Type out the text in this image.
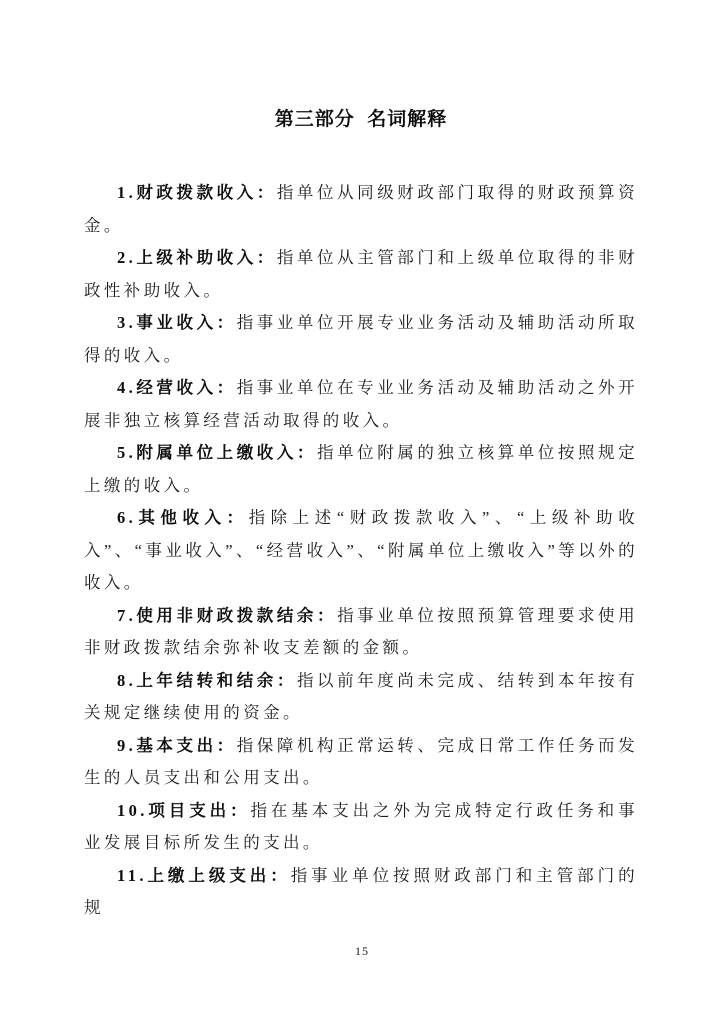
第三部分  名词解释

1.财政拨款收入：指单位从同级财政部门取得的财政预算资金。

2.上级补助收入：指单位从主管部门和上级单位取得的非财政性补助收入。

3.事业收入：指事业单位开展专业业务活动及辅助活动所取得的收入。

4.经营收入：指事业单位在专业业务活动及辅助活动之外开展非独立核算经营活动取得的收入。

5.附属单位上缴收入：指单位附属的独立核算单位按照规定上缴的收入。

6.其他收入：指除上述“财政拨款收入”、“上级补助收入”、“事业收入”、“经营收入”、“附属单位上缴收入”等以外的收入。

7.使用非财政拨款结余：指事业单位按照预算管理要求使用非财政拨款结余弥补收支差额的金额。

8.上年结转和结余：指以前年度尚未完成、结转到本年按有关规定继续使用的资金。

9.基本支出：指保障机构正常运转、完成日常工作任务而发生的人员支出和公用支出。

10.项目支出：指在基本支出之外为完成特定行政任务和事业发展目标所发生的支出。

11.上缴上级支出：指事业单位按照财政部门和主管部门的规

15
